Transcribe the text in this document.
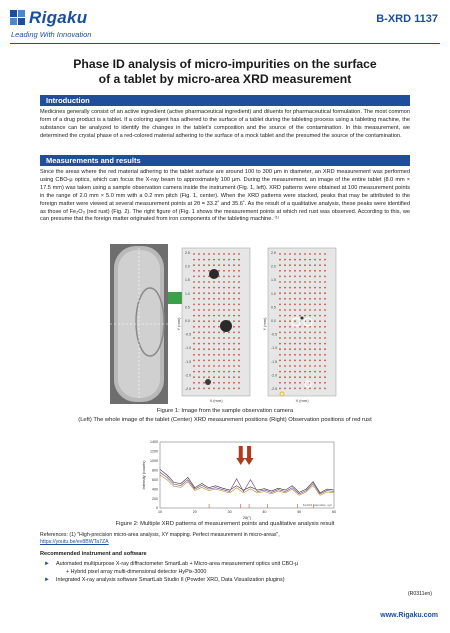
Rigaku
Leading With Innovation
B-XRD 1137
Phase ID analysis of micro-impurities on the surface
of a tablet by micro-area XRD measurement
Introduction
Medicines generally consist of an active ingredient (active pharmaceutical ingredient) and diluents for pharmaceutical formulation. The most common form of a drug product is a tablet. If a coloring agent has adhered to the surface of a tablet during the tableting process using a tableting machine, the substance can be analyzed to identify the changes in the tablet’s composition and the source of the contamination. In this measurement, we determined the crystal phase of a red-colored material adhering to the surface of a mock tablet and the presumed the source of the contamination.
Measurements and results
Since the areas where the red material adhering to the tablet surface are around 100 to 300 μm in diameter, an XRD measurement was performed using CBO-μ optics, which can focus the X-ray beam to approximately 100 μm. During the measurement, an image of the entire tablet (8.0 mm × 17.5 mm) was taken using a sample observation camera inside the instrument (Fig. 1, left). XRD patterns were obtained at 100 measurement points in the range of 2.0 mm × 5.0 mm with a 0.2 mm pitch (Fig. 1, center). When the XRD patterns were stacked, peaks that may be attributed to the foreign matter were viewed at several measurement points at 2θ = 33.2˚ and 35.6˚. As the result of a qualitative analysis, these peaks were identified as those of Fe₂O₃ (red rust) (Fig. 2). The right figure of (Fig. 1 shows the measurement points at which red rust was observed. According to this, we can presume that the foreign matter originated from iron components of the tableting machine. ⁽¹⁾
2.5
2.0
1.5
1.0
0.5
0.0
-0.5
-1.0
-1.5
-2.0
-2.5
Y (mm)
X (mm)
2.5
2.0
1.5
1.0
0.5
0.0
-0.5
-1.0
-1.5
-2.0
-2.5
Y (mm)
X (mm)
Figure 1: Image from the sample observation camera
(Left) The whole image of the tablet (Center) XRD measurement positions (Right) Observation positions of red rust
0
200
400
600
800
1000
1200
1400
10	20	30	40	50	60
Intensity (counts)
2θ(°)
Fe2O3, Hematite, syn
Figure 2: Multiple XRD patterns of measurement points and qualitative analysis result
References: (1) "High-precision micro-area analysis, XY mapping. Perfect measurement in micro-areas",
https://youtu.be/ev8BWTa7ZA
Recommended instrument and software
► Automated multipurpose X-ray diffractometer SmartLab + Micro-area measurement optics unit CBO-μ
+ Hybrid pixel array multi-dimensional detector HyPix-3000
► Integrated X-ray analysis software SmartLab Studio II (Powder XRD, Data Visualization plugins)
(R0311en)
www.Rigaku.com
